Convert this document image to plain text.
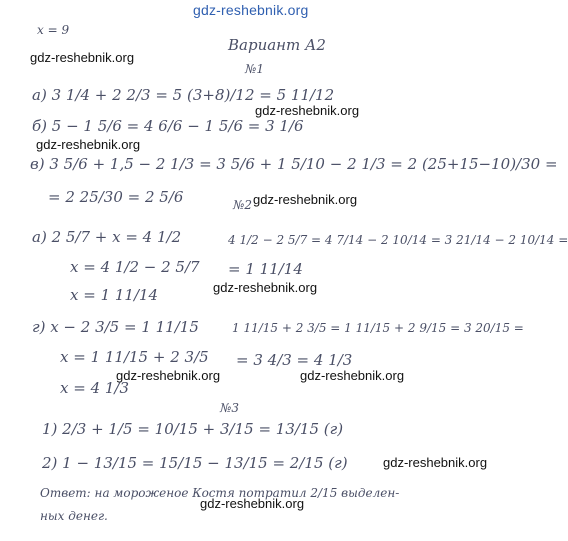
gdz-reshebnik.org
gdz-reshebnik.org
gdz-reshebnik.org
gdz-reshebnik.org
gdz-reshebnik.org
gdz-reshebnik.org
gdz-reshebnik.org	gdz-reshebnik.org
gdz-reshebnik.org
gdz-reshebnik.org
x = 9
Вариант А2
№1
а) 3 1/4 + 2 2/3 = 5 (3+8)/12 = 5 11/12
б) 5 − 1 5/6 = 4 6/6 − 1 5/6 = 3 1/6
в) 3 5/6 + 1,5 − 2 1/3 = 3 5/6 + 1 5/10 − 2 1/3 = 2 (25+15−10)/30 =
= 2 25/30 = 2 5/6	№2
а) 2 5/7 + x = 4 1/2
x = 4 1/2 − 2 5/7
x = 1 11/14
4 1/2 − 2 5/7 = 4 7/14 − 2 10/14 = 3 21/14 − 2 10/14 =
= 1 11/14
г) x − 2 3/5 = 1 11/15
x = 1 11/15 + 2 3/5
x = 4 1/3
1 11/15 + 2 3/5 = 1 11/15 + 2 9/15 = 3 20/15 =
= 3 4/3 = 4 1/3
№3
1) 2/3 + 1/5 = 10/15 + 3/15 = 13/15 (г)
2) 1 − 13/15 = 15/15 − 13/15 = 2/15 (г)
Ответ: на мороженое Костя потратил 2/15 выделен-
ных денег.
